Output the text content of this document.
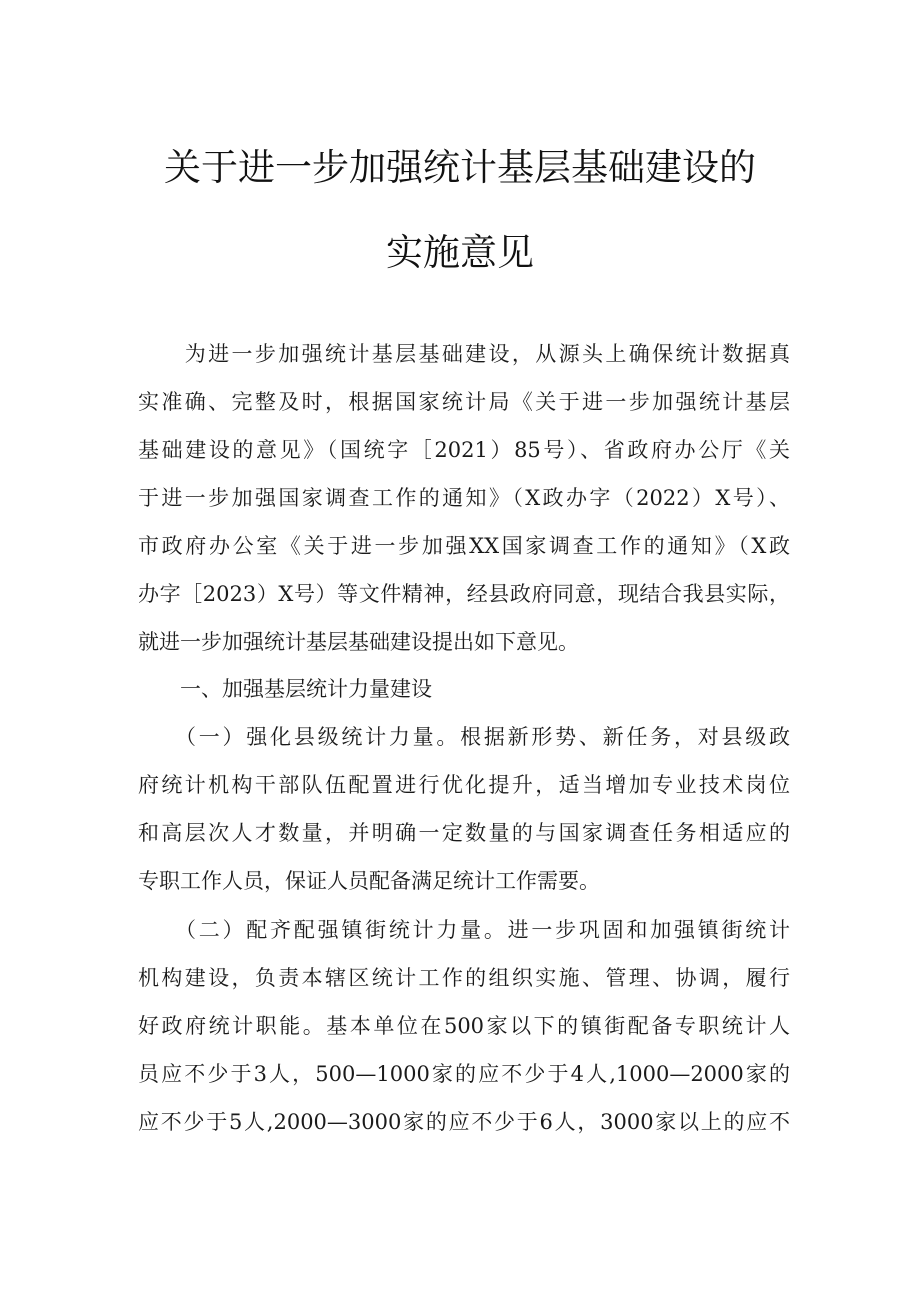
关于进一步加强统计基层基础建设的
实施意见
　　为进一步加强统计基层基础建设，从源头上确保统计数据真
实准确、完整及时，根据国家统计局《关于进一步加强统计基层
基础建设的意见》（国统字［2021）85号）、省政府办公厅《关
于进一步加强国家调查工作的通知》（X政办字（2022）X号）、
市政府办公室《关于进一步加强XX国家调查工作的通知》（X政
办字［2023）X号）等文件精神，经县政府同意，现结合我县实际，
就进一步加强统计基层基础建设提出如下意见。
　　一、加强基层统计力量建设
　　（一）强化县级统计力量。根据新形势、新任务，对县级政
府统计机构干部队伍配置进行优化提升，适当增加专业技术岗位
和高层次人才数量，并明确一定数量的与国家调查任务相适应的
专职工作人员，保证人员配备满足统计工作需要。
　　（二）配齐配强镇街统计力量。进一步巩固和加强镇街统计
机构建设，负责本辖区统计工作的组织实施、管理、协调，履行
好政府统计职能。基本单位在500家以下的镇街配备专职统计人
员应不少于3人，500—1000家的应不少于4人,1000—2000家的
应不少于5人,2000—3000家的应不少于6人，3000家以上的应不
